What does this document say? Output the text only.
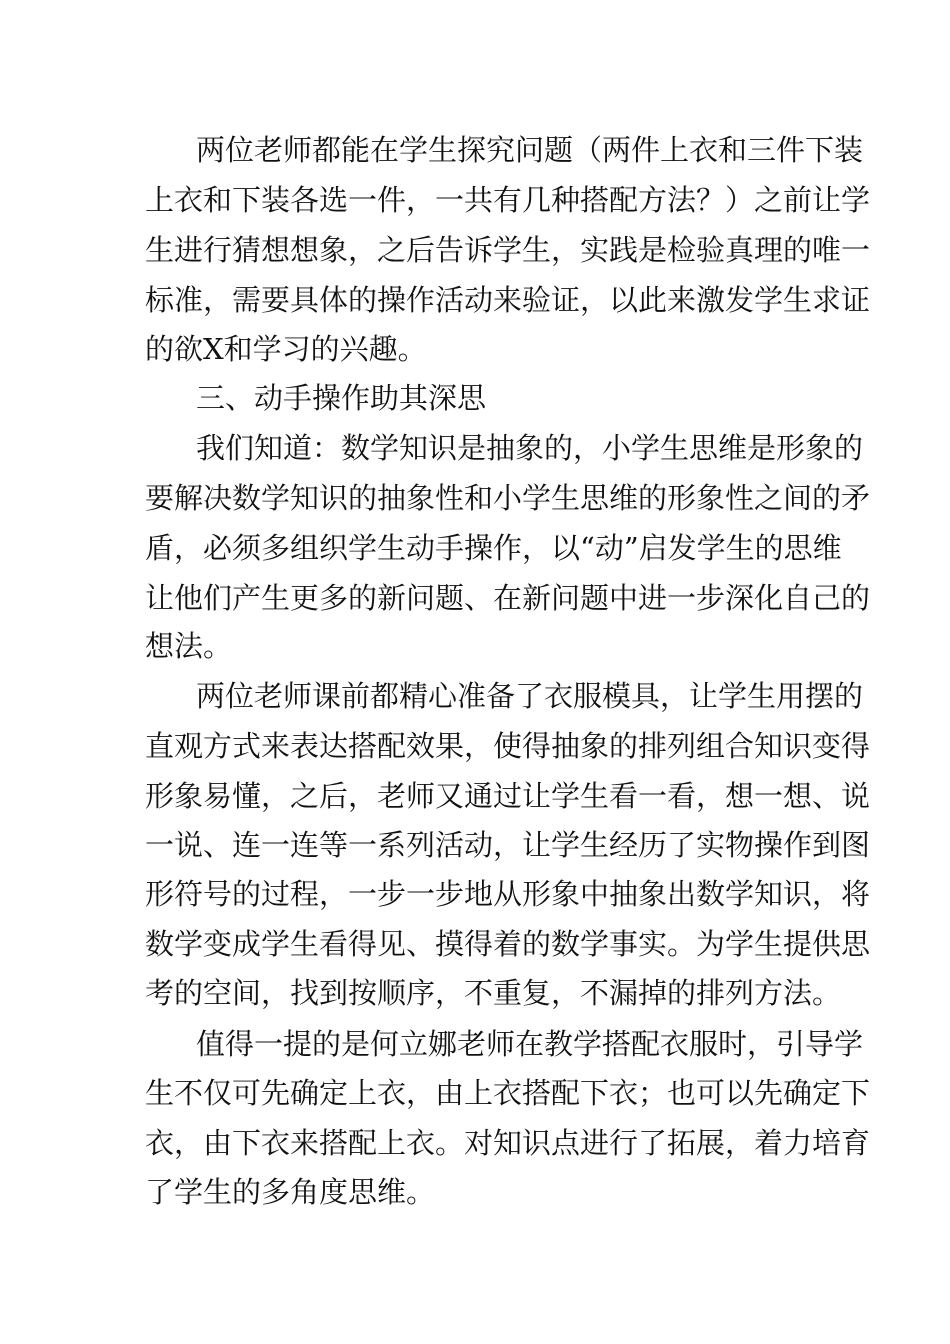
两位老师都能在学生探究问题（两件上衣和三件下装
上衣和下装各选一件，一共有几种搭配方法？）之前让学
生进行猜想想象，之后告诉学生，实践是检验真理的唯一
标准，需要具体的操作活动来验证，以此来激发学生求证
的欲X和学习的兴趣。
三、动手操作助其深思
我们知道：数学知识是抽象的，小学生思维是形象的
要解决数学知识的抽象性和小学生思维的形象性之间的矛
盾，必须多组织学生动手操作，以“动”启发学生的思维
让他们产生更多的新问题、在新问题中进一步深化自己的
想法。
两位老师课前都精心准备了衣服模具，让学生用摆的
直观方式来表达搭配效果，使得抽象的排列组合知识变得
形象易懂，之后，老师又通过让学生看一看，想一想、说
一说、连一连等一系列活动，让学生经历了实物操作到图
形符号的过程，一步一步地从形象中抽象出数学知识，将
数学变成学生看得见、摸得着的数学事实。为学生提供思
考的空间，找到按顺序，不重复，不漏掉的排列方法。
值得一提的是何立娜老师在教学搭配衣服时，引导学
生不仅可先确定上衣，由上衣搭配下衣；也可以先确定下
衣，由下衣来搭配上衣。对知识点进行了拓展，着力培育
了学生的多角度思维。
